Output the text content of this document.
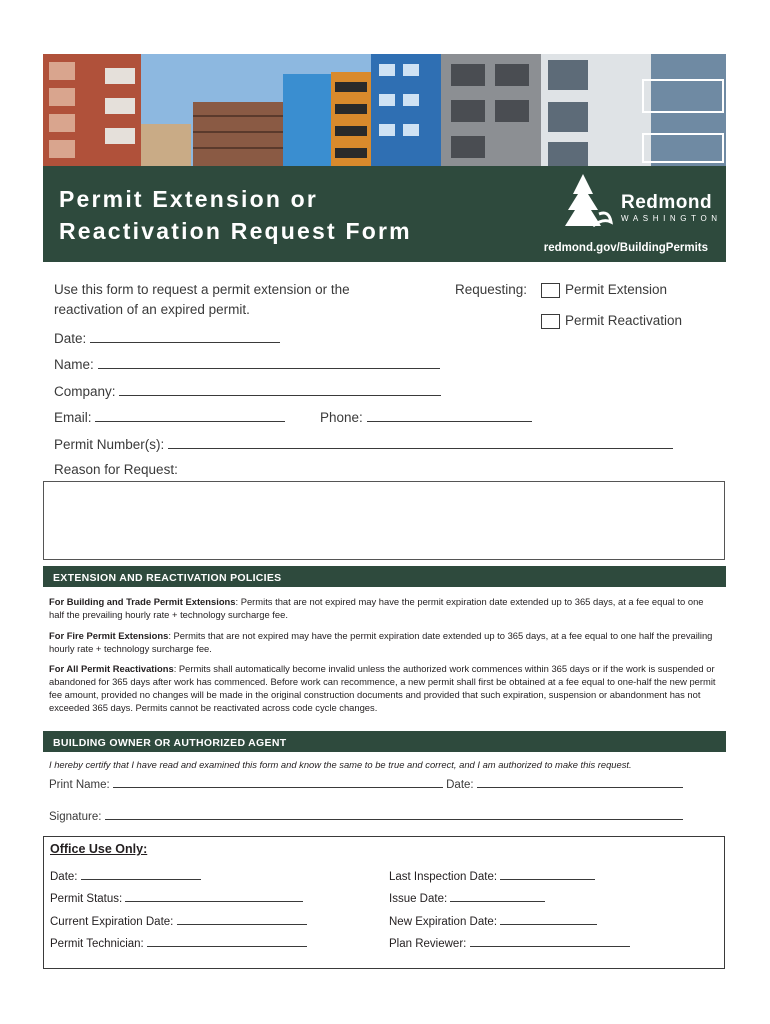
Permit Extension or
Reactivation Request Form
Redmond
WASHINGTON
redmond.gov/BuildingPermits
Use this form to request a permit extension or the
reactivation of an expired permit.
Requesting:	Permit Extension
Permit Reactivation
Date:
Name:
Company:
Email:	Phone:
Permit Number(s):
Reason for Request:
EXTENSION AND REACTIVATION POLICIES
For Building and Trade Permit Extensions: Permits that are not expired may have the permit expiration date extended up to 365 days, at a fee equal to one half the prevailing hourly rate + technology surcharge fee.
For Fire Permit Extensions: Permits that are not expired may have the permit expiration date extended up to 365 days, at a fee equal to one half the prevailing hourly rate + technology surcharge fee.
For All Permit Reactivations: Permits shall automatically become invalid unless the authorized work commences within 365 days or if the work is suspended or abandoned for 365 days after work has commenced. Before work can recommence, a new permit shall first be obtained at a fee equal to one-half the new permit fee amount, provided no changes will be made in the original construction documents and provided that such expiration, suspension or abandonment has not exceeded 365 days. Permits cannot be reactivated across code cycle changes.
BUILDING OWNER OR AUTHORIZED AGENT
I hereby certify that I have read and examined this form and know the same to be true and correct, and I am authorized to make this request.
Print Name:	Date:
Signature:
Office Use Only:
Date:	Last Inspection Date:
Permit Status:	Issue Date:
Current Expiration Date:	New Expiration Date:
Permit Technician:	Plan Reviewer:
